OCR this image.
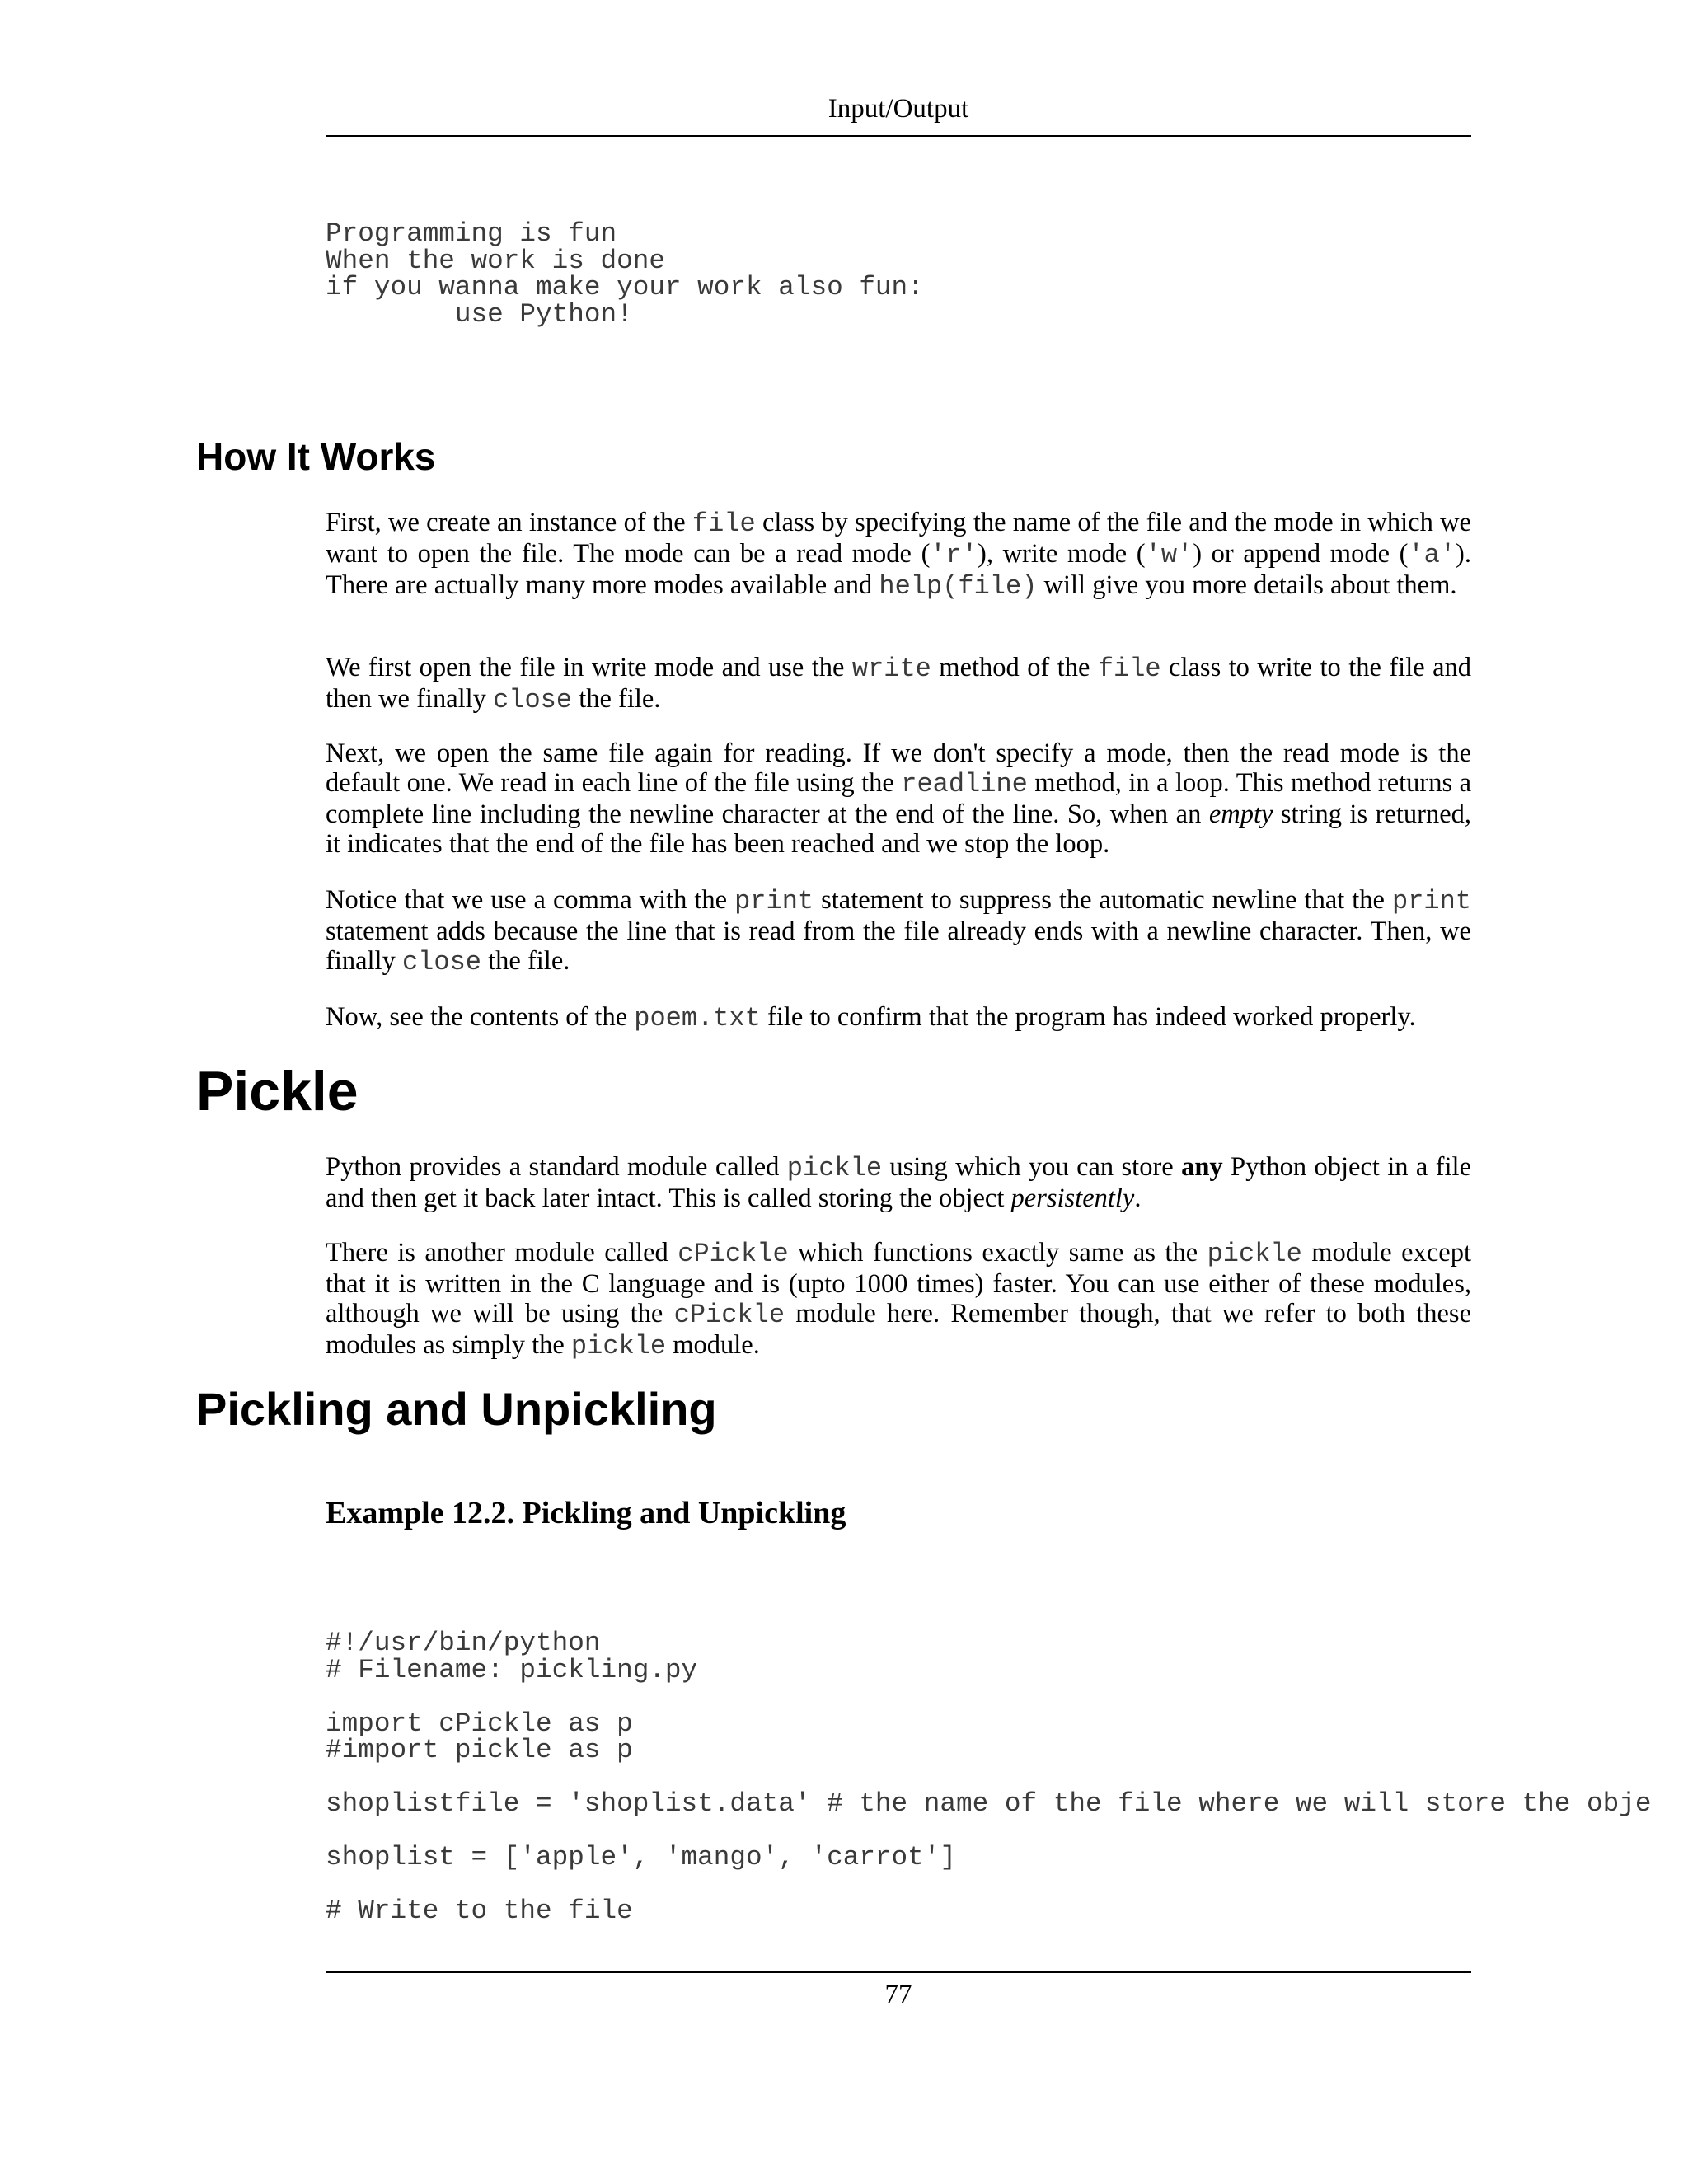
Input/Output
Programming is fun
When the work is done
if you wanna make your work also fun:
use Python!
How It Works

First, we create an instance of the file class by specifying the name of the file and the mode in which we want to open the file. The mode can be a read mode ('r'), write mode ('w') or append mode ('a'). There are actually many more modes available and help(file) will give you more details about them.

We first open the file in write mode and use the write method of the file class to write to the file and then we finally close the file.

Next, we open the same file again for reading. If we don't specify a mode, then the read mode is the default one. We read in each line of the file using the readline method, in a loop. This method returns a complete line including the newline character at the end of the line. So, when an empty string is returned, it indicates that the end of the file has been reached and we stop the loop.

Notice that we use a comma with the print statement to suppress the automatic newline that the print statement adds because the line that is read from the file already ends with a newline character. Then, we finally close the file.

Now, see the contents of the poem.txt file to confirm that the program has indeed worked properly.

Pickle

Python provides a standard module called pickle using which you can store any Python object in a file and then get it back later intact. This is called storing the object persistently.

There is another module called cPickle which functions exactly same as the pickle module except that it is written in the C language and is (upto 1000 times) faster. You can use either of these modules, although we will be using the cPickle module here. Remember though, that we refer to both these modules as simply the pickle module.

Pickling and Unpickling
Example 12.2. Pickling and Unpickling
#!/usr/bin/python
# Filename: pickling.py

import cPickle as p
#import pickle as p

shoplistfile = 'shoplist.data' # the name of the file where we will store the obje

shoplist = ['apple', 'mango', 'carrot']

# Write to the file
77
